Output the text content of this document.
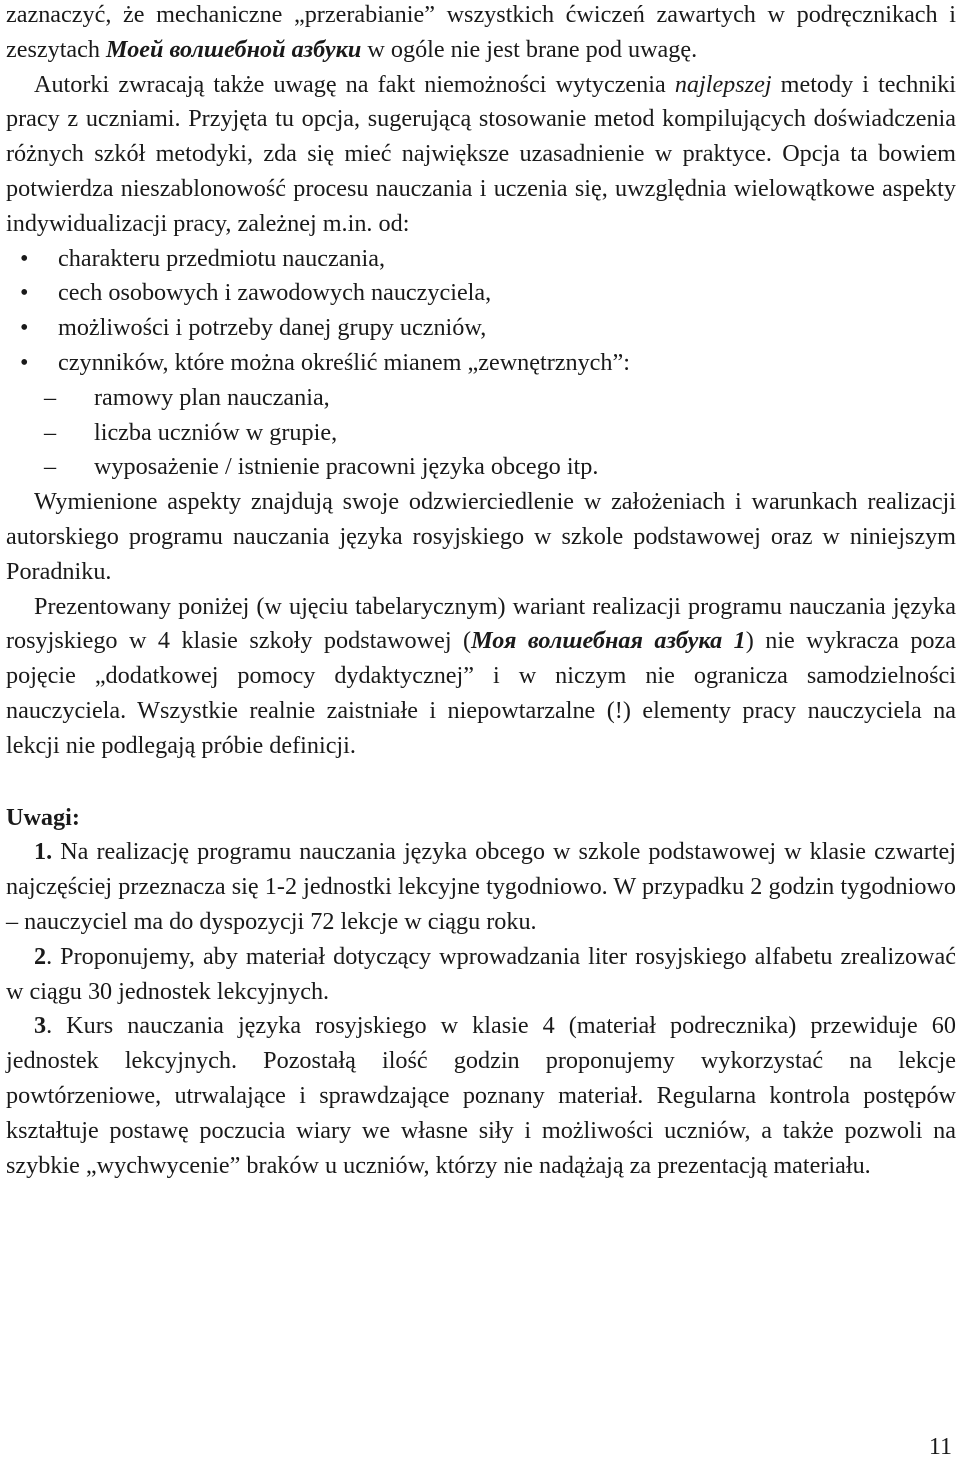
zaznaczyć, że mechaniczne „przerabianie” wszystkich ćwiczeń zawartych w podręcznikach i zeszytach Моей волшебной азбуки w ogóle nie jest brane pod uwagę.

Autorki zwracają także uwagę na fakt niemożności wytyczenia najlepszej metody i techniki pracy z uczniami. Przyjęta tu opcja, sugerującą stosowanie metod kompilujących doświadczenia różnych szkół metodyki, zda się mieć największe uzasadnienie w praktyce. Opcja ta bowiem potwierdza nieszablonowość procesu nauczania i uczenia się, uwzględnia wielowątkowe aspekty indywidualizacji pracy, zależnej m.in. od:

• charakteru przedmiotu nauczania,
• cech osobowych i zawodowych nauczyciela,
• możliwości i potrzeby danej grupy uczniów,
• czynników, które można określić mianem „zewnętrznych”:
– ramowy plan nauczania,
– liczba uczniów w grupie,
– wyposażenie / istnienie pracowni języka obcego itp.

Wymienione aspekty znajdują swoje odzwierciedlenie w założeniach i warunkach realizacji autorskiego programu nauczania języka rosyjskiego w szkole podstawowej oraz w niniejszym Poradniku.

Prezentowany poniżej (w ujęciu tabelarycznym) wariant realizacji programu nauczania języka rosyjskiego w 4 klasie szkoły podstawowej (Моя волшебная азбука 1) nie wykracza poza pojęcie „dodatkowej pomocy dydaktycznej” i w niczym nie ogranicza samodzielności nauczyciela. Wszystkie realnie zaistniałe i niepowtarzalne (!) elementy pracy nauczyciela na lekcji nie podlegają próbie definicji.

Uwagi:

1. Na realizację programu nauczania języka obcego w szkole podstawowej w klasie czwartej najczęściej przeznacza się 1-2 jednostki lekcyjne tygodniowo. W przypadku 2 godzin tygodniowo – nauczyciel ma do dyspozycji 72 lekcje w ciągu roku.

2. Proponujemy, aby materiał dotyczący wprowadzania liter rosyjskiego alfabetu zrealizować w ciągu 30 jednostek lekcyjnych.

3. Kurs nauczania języka rosyjskiego w klasie 4 (materiał podrecznika) przewiduje 60 jednostek lekcyjnych. Pozostałą ilość godzin proponujemy wykorzystać na lekcje powtórzeniowe, utrwalające i sprawdzające poznany materiał. Regularna kontrola postępów kształtuje postawę poczucia wiary we własne siły i możliwości uczniów, a także pozwoli na szybkie „wychwycenie” braków u uczniów, którzy nie nadążają za prezentacją materiału.

11
